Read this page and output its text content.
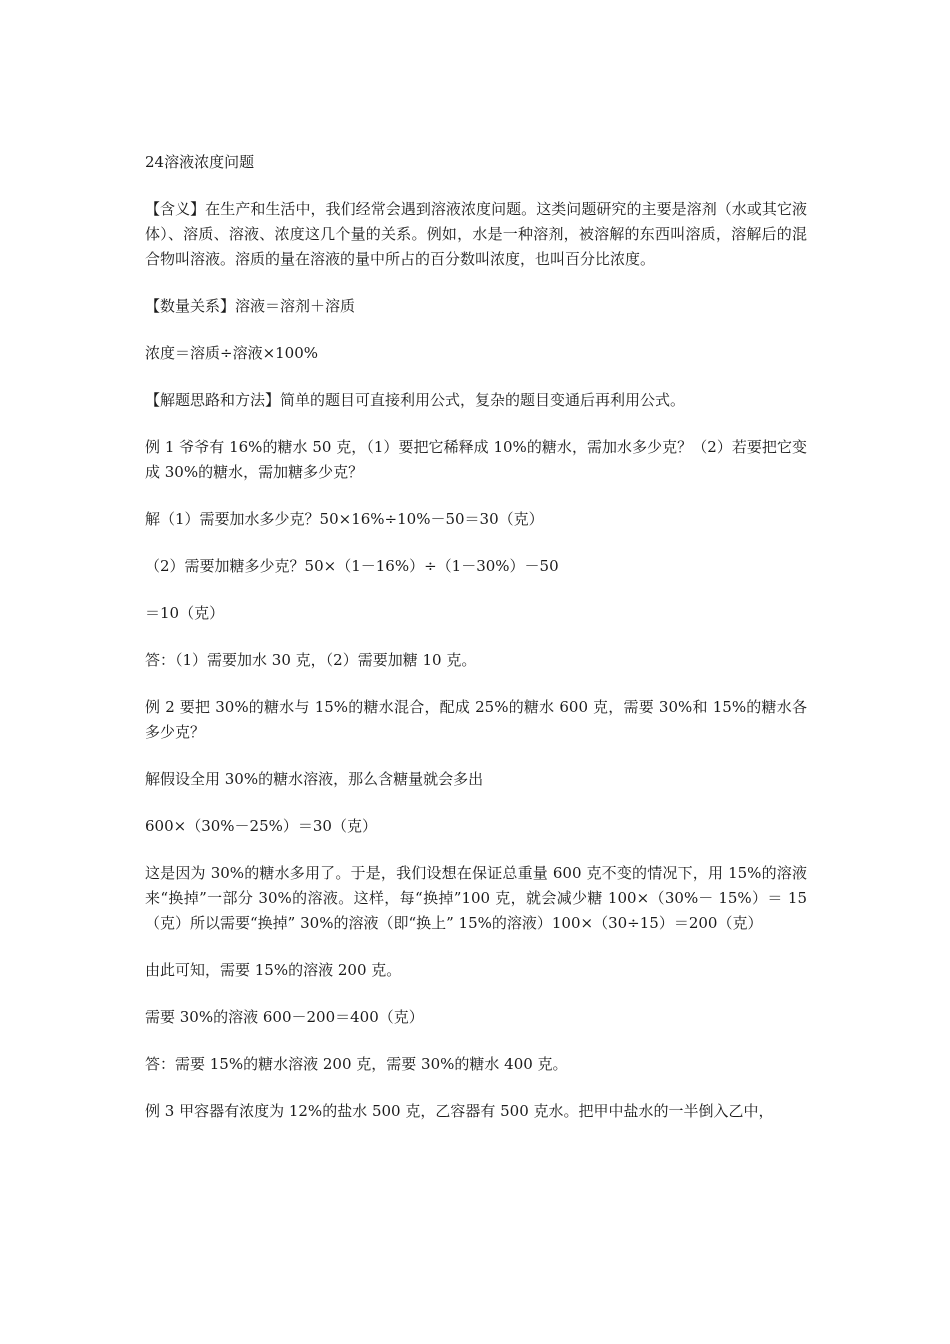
24溶液浓度问题

【含义】在生产和生活中，我们经常会遇到溶液浓度问题。这类问题研究的主要是溶剂（水或其它液体）、溶质、溶液、浓度这几个量的关系。例如，水是一种溶剂，被溶解的东西叫溶质，溶解后的混合物叫溶液。溶质的量在溶液的量中所占的百分数叫浓度，也叫百分比浓度。

【数量关系】溶液＝溶剂＋溶质

浓度＝溶质÷溶液×100%

【解题思路和方法】简单的题目可直接利用公式，复杂的题目变通后再利用公式。

例 1 爷爷有 16%的糖水 50 克，（1）要把它稀释成 10%的糖水，需加水多少克？（2）若要把它变成 30%的糖水，需加糖多少克？

解（1）需要加水多少克？50×16%÷10%－50＝30（克）

（2）需要加糖多少克？50×（1－16%）÷（1－30%）－50

＝10（克）

答：（1）需要加水 30 克，（2）需要加糖 10 克。

例 2 要把 30%的糖水与 15%的糖水混合，配成 25%的糖水 600 克，需要 30%和 15%的糖水各多少克？

解假设全用 30%的糖水溶液，那么含糖量就会多出

600×（30%－25%）＝30（克）

这是因为 30%的糖水多用了。于是，我们设想在保证总重量 600 克不变的情况下，用 15%的溶液来“换掉”一部分 30%的溶液。这样，每“换掉”100 克，就会减少糖 100×（30%－ 15%）＝ 15（克）所以需要“换掉” 30%的溶液（即“换上” 15%的溶液）100×（30÷15）＝200（克）

由此可知，需要 15%的溶液 200 克。

需要 30%的溶液 600－200＝400（克）

答：需要 15%的糖水溶液 200 克，需要 30%的糖水 400 克。

例 3 甲容器有浓度为 12%的盐水 500 克，乙容器有 500 克水。把甲中盐水的一半倒入乙中，
